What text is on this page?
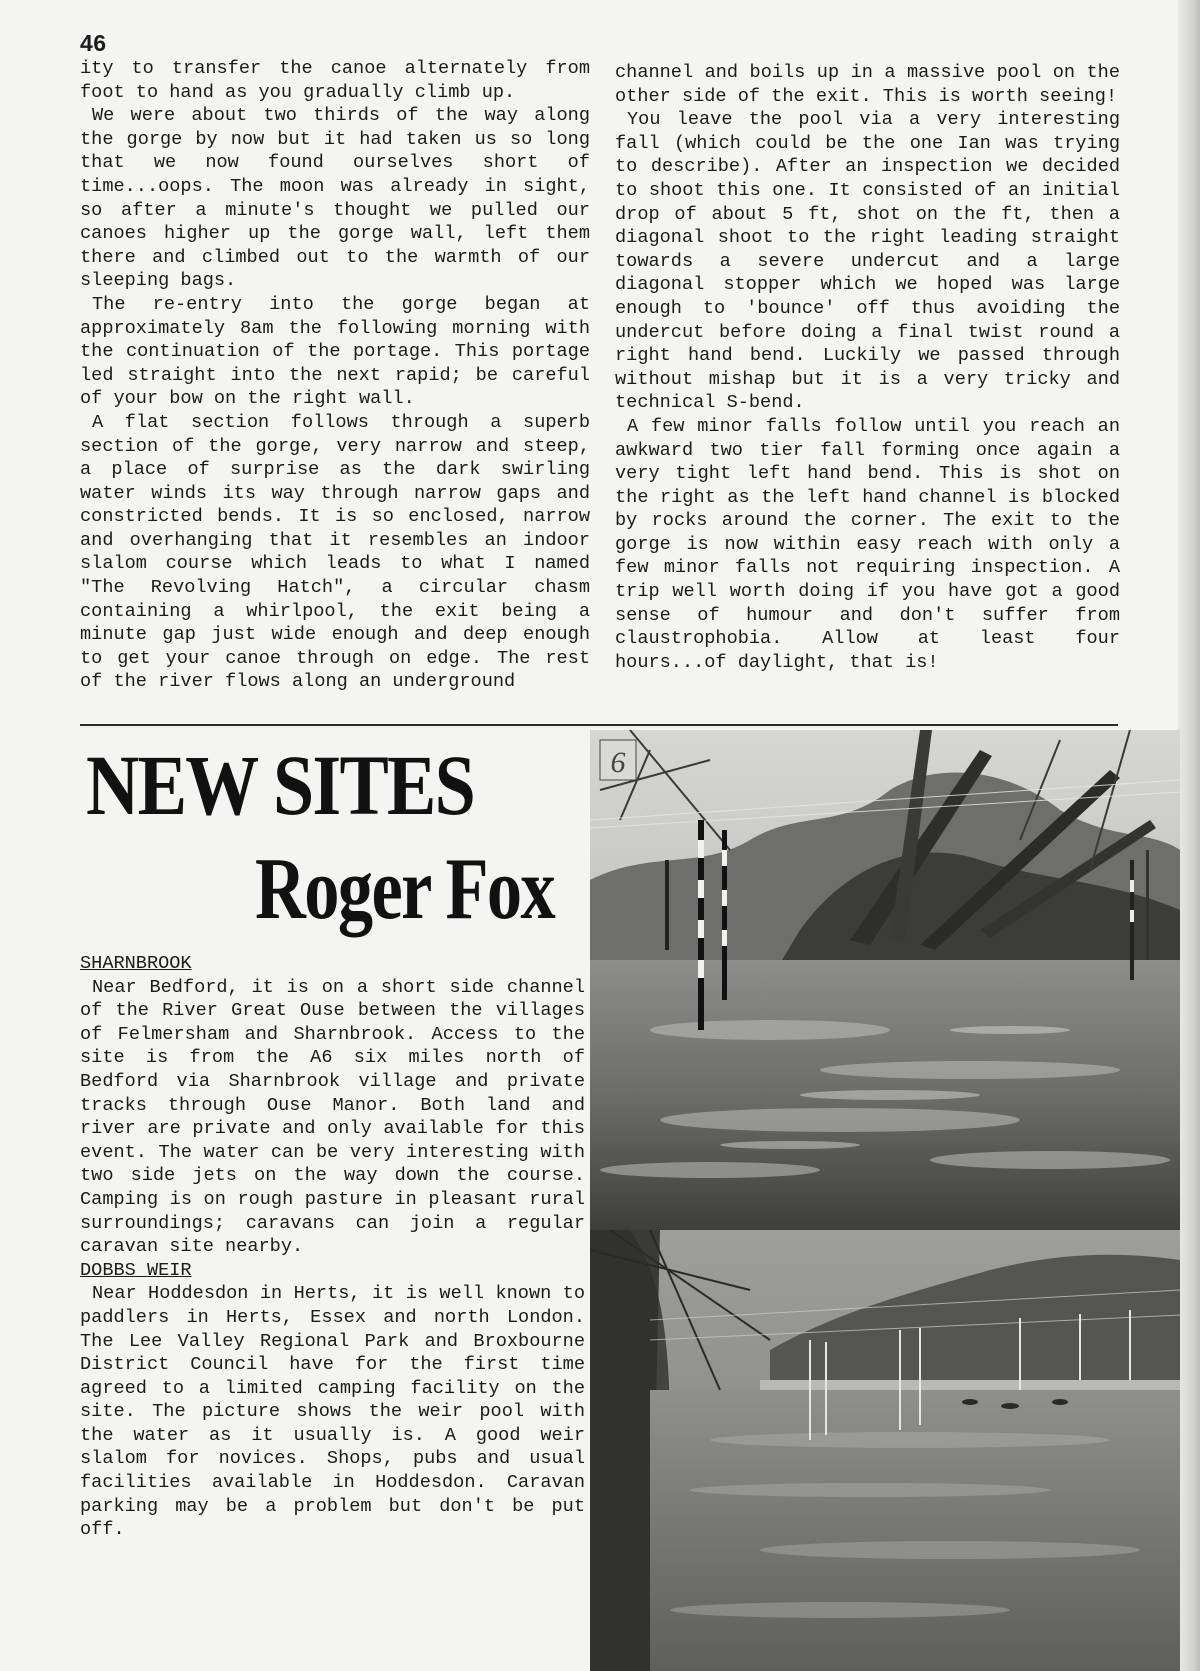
46

ity to transfer the canoe alternately from foot to hand as you gradually climb up.

We were about two thirds of the way along the gorge by now but it had taken us so long that we now found ourselves short of time...oops. The moon was already in sight, so after a minute's thought we pulled our canoes higher up the gorge wall, left them there and climbed out to the warmth of our sleeping bags.

The re-entry into the gorge began at approximately 8am the following morning with the continuation of the portage. This portage led straight into the next rapid; be careful of your bow on the right wall.

A flat section follows through a superb section of the gorge, very narrow and steep, a place of surprise as the dark swirling water winds its way through narrow gaps and constricted bends. It is so enclosed, narrow and overhanging that it resembles an indoor slalom course which leads to what I named "The Revolving Hatch", a circular chasm containing a whirlpool, the exit being a minute gap just wide enough and deep enough to get your canoe through on edge. The rest of the river flows along an underground

channel and boils up in a massive pool on the other side of the exit. This is worth seeing!

You leave the pool via a very interesting fall (which could be the one Ian was trying to describe). After an inspection we decided to shoot this one. It consisted of an initial drop of about 5 ft, shot on the ft, then a diagonal shoot to the right leading straight towards a severe undercut and a large diagonal stopper which we hoped was large enough to 'bounce' off thus avoiding the undercut before doing a final twist round a right hand bend. Luckily we passed through without mishap but it is a very tricky and technical S-bend.

A few minor falls follow until you reach an awkward two tier fall forming once again a very tight left hand bend. This is shot on the right as the left hand channel is blocked by rocks around the corner. The exit to the gorge is now within easy reach with only a few minor falls not requiring inspection. A trip well worth doing if you have got a good sense of humour and don't suffer from claustrophobia. Allow at least four hours...of daylight, that is!

NEW SITES
Roger Fox
SHARNBROOK

Near Bedford, it is on a short side channel of the River Great Ouse between the villages of Felmersham and Sharnbrook. Access to the site is from the A6 six miles north of Bedford via Sharnbrook village and private tracks through Ouse Manor. Both land and river are private and only available for this event. The water can be very interesting with two side jets on the way down the course. Camping is on rough pasture in pleasant rural surroundings; caravans can join a regular caravan site nearby.

DOBBS WEIR

Near Hoddesdon in Herts, it is well known to paddlers in Herts, Essex and north London. The Lee Valley Regional Park and Broxbourne District Council have for the first time agreed to a limited camping facility on the site. The picture shows the weir pool with the water as it usually is. A good weir slalom for novices. Shops, pubs and usual facilities available in Hoddesdon. Caravan parking may be a problem but don't be put off.

6
